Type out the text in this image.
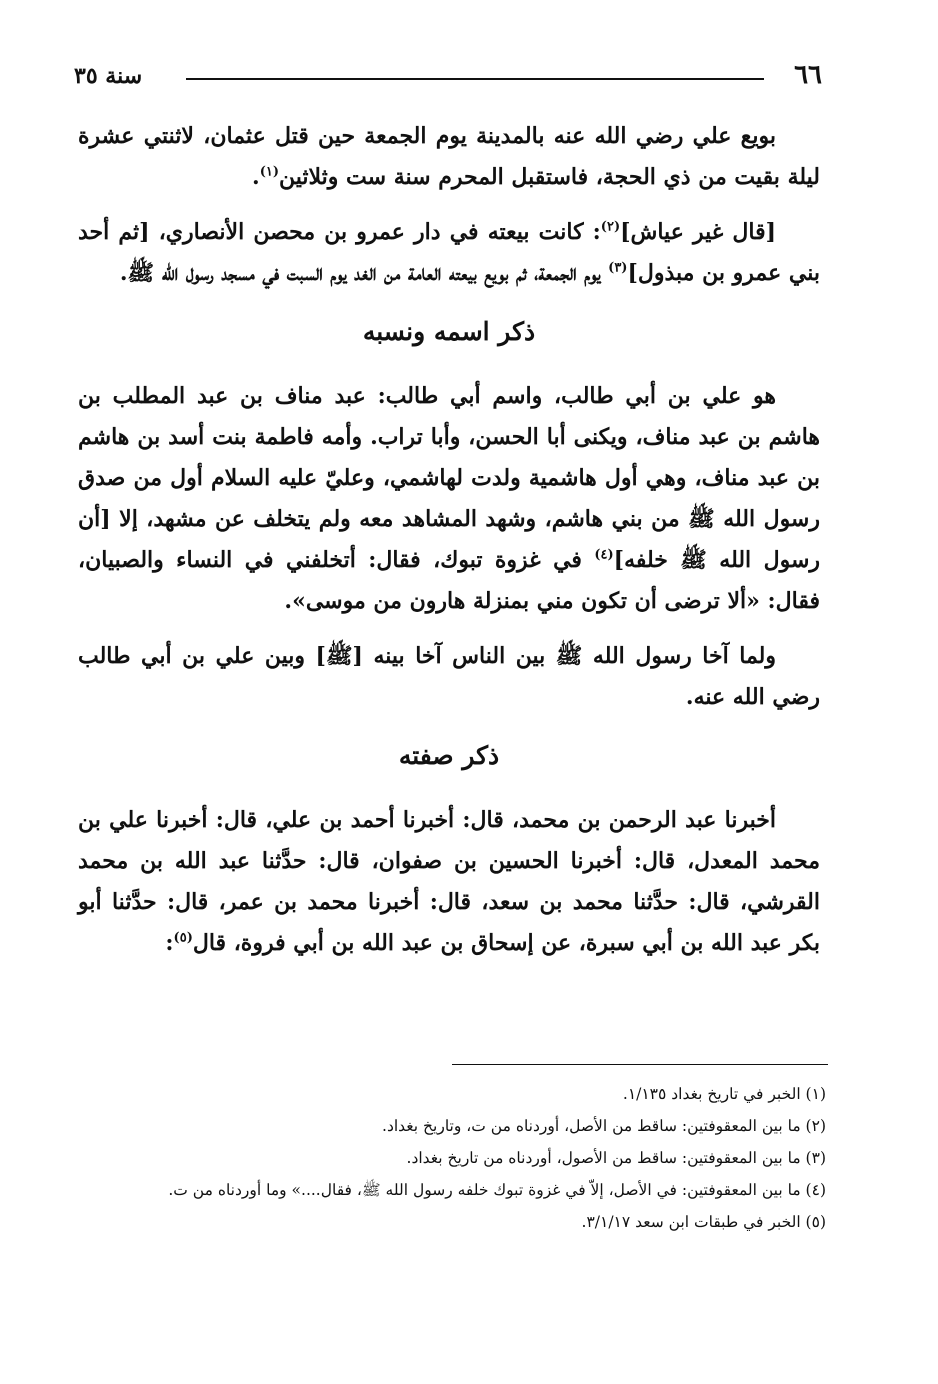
٦٦
سنة ٣٥

بويع علي رضي الله عنه بالمدينة يوم الجمعة حين قتل عثمان، لاثنتي عشرة ليلة بقيت من ذي الحجة، فاستقبل المحرم سنة ست وثلاثين$^{(١)}$.

[قال غير عياش]$^{(٢)}$: كانت بيعته في دار عمرو بن محصن الأنصاري، [ثم أحد بني عمرو بن مبذول]$^{(٣)}$ يوم الجمعة، ثم بويع بيعته العامة من الغد يوم السبت في مسجد رسول الله ﷺ.

ذكر اسمه ونسبه

هو علي بن أبي طالب، واسم أبي طالب: عبد مناف بن عبد المطلب بن هاشم بن عبد مناف، ويكنى أبا الحسن، وأبا تراب. وأمه فاطمة بنت أسد بن هاشم بن عبد مناف، وهي أول هاشمية ولدت لهاشمي، وعليّ عليه السلام أول من صدق رسول الله ﷺ من بني هاشم، وشهد المشاهد معه ولم يتخلف عن مشهد، إلا [أن رسول الله ﷺ خلفه]$^{(٤)}$ في غزوة تبوك، فقال: أتخلفني في النساء والصبيان، فقال: «ألا ترضى أن تكون مني بمنزلة هارون من موسى».

ولما آخا رسول الله ﷺ بين الناس آخا بينه [ﷺ] وبين علي بن أبي طالب رضي الله عنه.

ذكر صفته

أخبرنا عبد الرحمن بن محمد، قال: أخبرنا أحمد بن علي، قال: أخبرنا علي بن محمد المعدل، قال: أخبرنا الحسين بن صفوان، قال: حدَّثنا عبد الله بن محمد القرشي، قال: حدَّثنا محمد بن سعد، قال: أخبرنا محمد بن عمر، قال: حدَّثنا أبو بكر عبد الله بن أبي سبرة، عن إسحاق بن عبد الله بن أبي فروة، قال$^{(٥)}$:

(١) الخبر في تاريخ بغداد ١/١٣٥.

(٢) ما بين المعقوفتين: ساقط من الأصل، أوردناه من ت، وتاريخ بغداد.

(٣) ما بين المعقوفتين: ساقط من الأصول، أوردناه من تاريخ بغداد.

(٤) ما بين المعقوفتين: في الأصل، إلاّ في غزوة تبوك خلفه رسول الله ﷺ، فقال....» وما أوردناه من ت.

(٥) الخبر في طبقات ابن سعد ٣/١/١٧.
